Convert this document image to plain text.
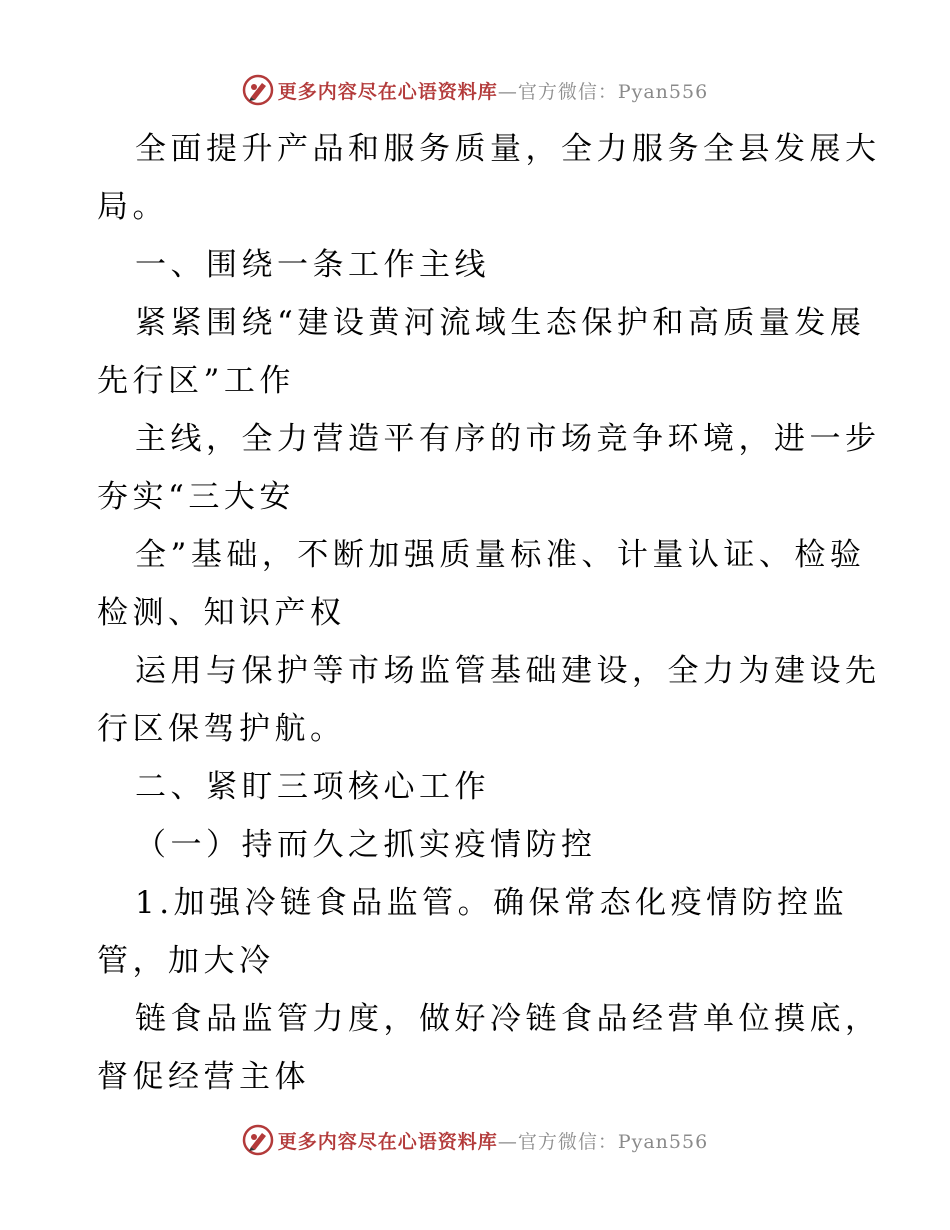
更多内容尽在心语资料库—官方微信：Pyan556
全面提升产品和服务质量，全力服务全县发展大
局。
一、围绕一条工作主线
紧紧围绕“建设黄河流域生态保护和高质量发展
先行区”工作
主线，全力营造平有序的市场竞争环境，进一步
夯实“三大安
全”基础，不断加强质量标准、计量认证、检验
检测、知识产权
运用与保护等市场监管基础建设，全力为建设先
行区保驾护航。
二、紧盯三项核心工作
（一）持而久之抓实疫情防控
1.加强冷链食品监管。确保常态化疫情防控监
管，加大冷
链食品监管力度，做好冷链食品经营单位摸底，
督促经营主体
更多内容尽在心语资料库—官方微信：Pyan556
